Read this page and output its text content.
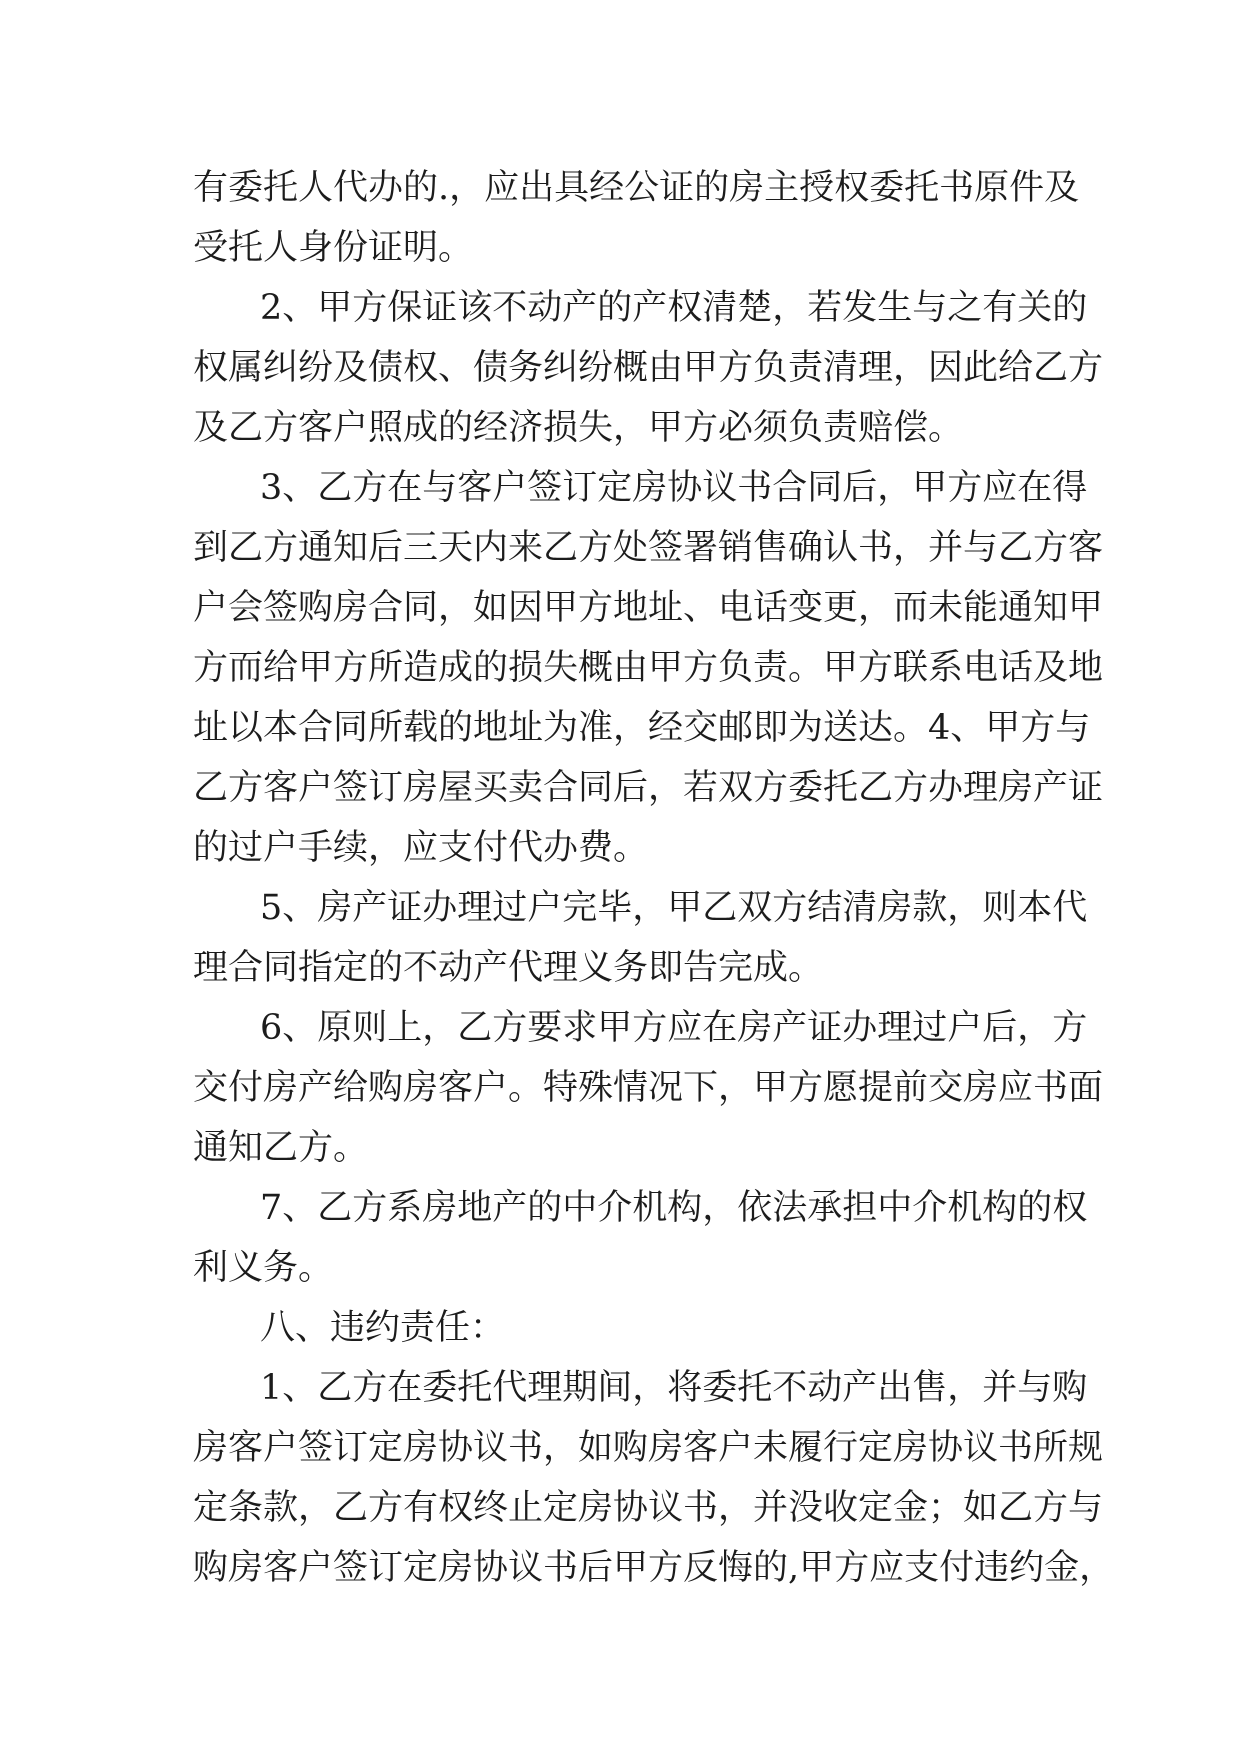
有委托人代办的.，应出具经公证的房主授权委托书原件及
受托人身份证明。
2、甲方保证该不动产的产权清楚，若发生与之有关的
权属纠纷及债权、债务纠纷概由甲方负责清理，因此给乙方
及乙方客户照成的经济损失，甲方必须负责赔偿。
3、乙方在与客户签订定房协议书合同后，甲方应在得
到乙方通知后三天内来乙方处签署销售确认书，并与乙方客
户会签购房合同，如因甲方地址、电话变更，而未能通知甲
方而给甲方所造成的损失概由甲方负责。甲方联系电话及地
址以本合同所载的地址为准，经交邮即为送达。4、甲方与
乙方客户签订房屋买卖合同后，若双方委托乙方办理房产证
的过户手续，应支付代办费。
5、房产证办理过户完毕，甲乙双方结清房款，则本代
理合同指定的不动产代理义务即告完成。
6、原则上，乙方要求甲方应在房产证办理过户后，方
交付房产给购房客户。特殊情况下，甲方愿提前交房应书面
通知乙方。
7、乙方系房地产的中介机构，依法承担中介机构的权
利义务。
八、违约责任：
1、乙方在委托代理期间，将委托不动产出售，并与购
房客户签订定房协议书，如购房客户未履行定房协议书所规
定条款，乙方有权终止定房协议书，并没收定金；如乙方与
购房客户签订定房协议书后甲方反悔的,甲方应支付违约金，
